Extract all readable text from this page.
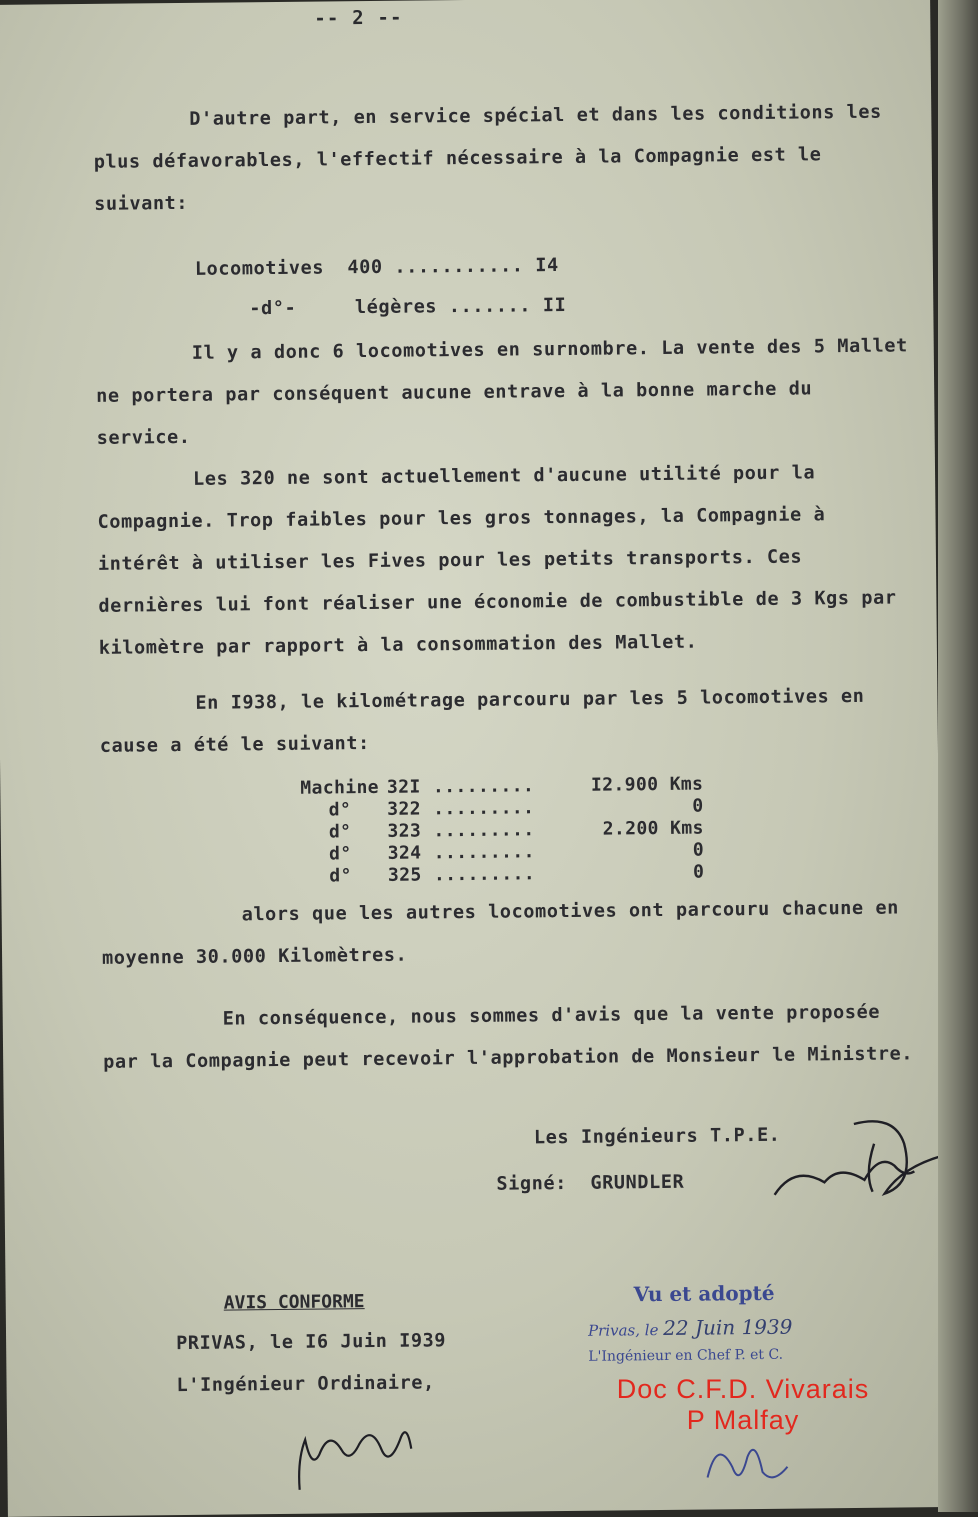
-- 2 --
D'autre part, en service spécial et dans les conditions les plus défavorables, l'effectif nécessaire à la Compagnie est le suivant:
Locomotives 400 ........... I4
-d°-	légères ....... II
Il y a donc 6 locomotives en surnombre. La vente des 5 Mallet ne portera par conséquent aucune entrave à la bonne marche du service.
Les 320 ne sont actuellement d'aucune utilité pour la Compagnie. Trop faibles pour les gros tonnages, la Compagnie à intérêt à utiliser les Fives pour les petits transports. Ces dernières lui font réaliser une économie de combustible de 3 Kgs par kilomètre par rapport à la consommation des Mallet.
En I938, le kilométrage parcouru par les 5 locomotives en cause a été le suivant:
Machine	32I	.........	I2.900 Kms
d°	322	.........	0
d°	323	.........	2.200 Kms
d°	324	.........	0
d°	325	.........	0
alors que les autres locomotives ont parcouru chacune en moyenne 30.000 Kilomètres.
En conséquence, nous sommes d'avis que la vente proposée par la Compagnie peut recevoir l'approbation de Monsieur le Ministre.
Les Ingénieurs T.P.E.
Signé: GRUNDLER
AVIS CONFORME
PRIVAS, le I6 Juin I939
L'Ingénieur Ordinaire,
Vu et adopté
Privas, le 22 Juin 1939
L'Ingénieur en Chef P. et C.
Doc C.F.D. Vivarais
P Malfay
